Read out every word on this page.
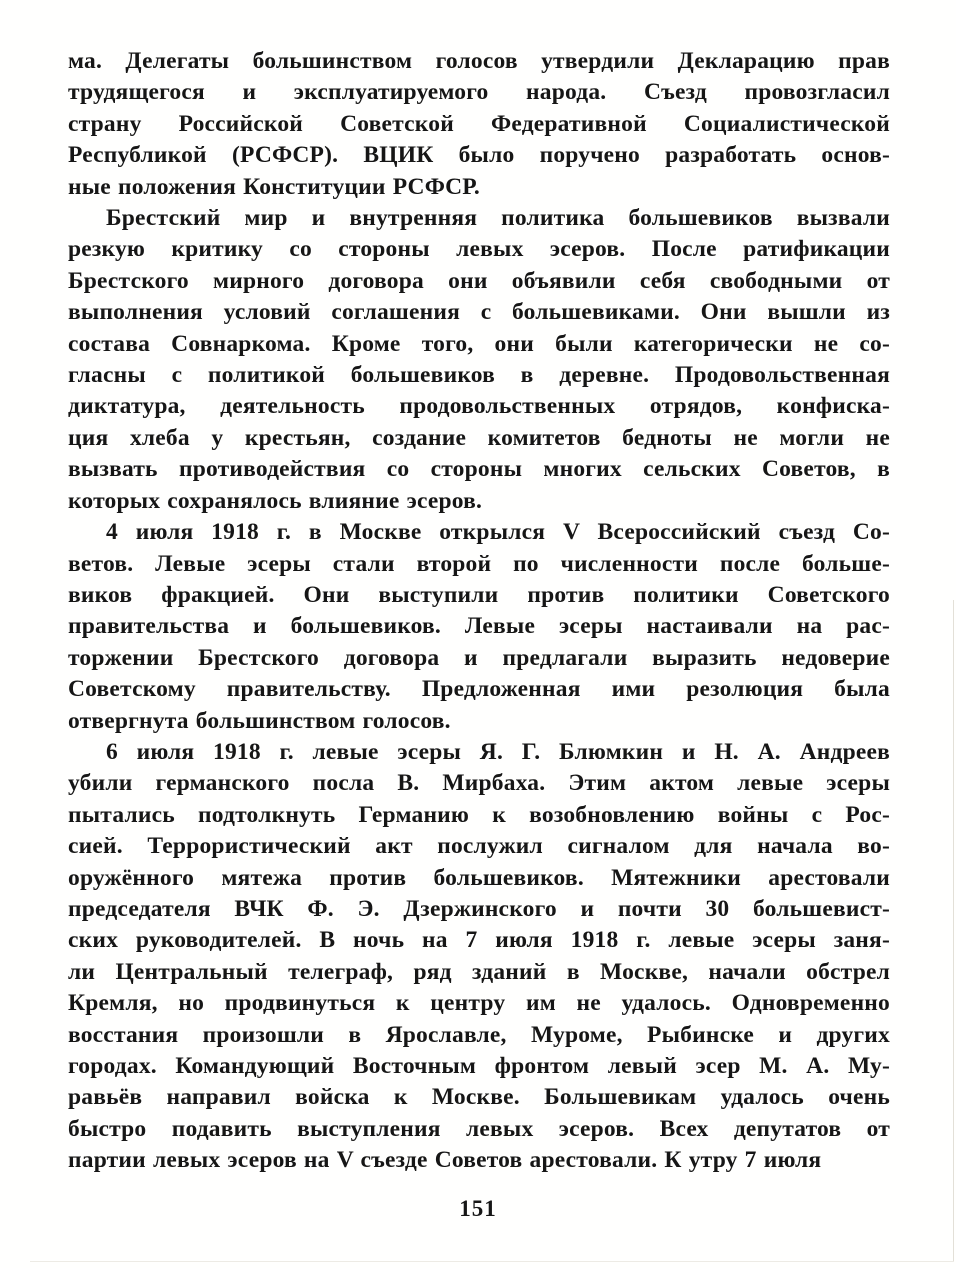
ма. Делегаты большинством голосов утвердили Декларацию прав
трудящегося и эксплуатируемого народа. Съезд провозгласил
страну Российской Советской Федеративной Социалистической
Республикой (РСФСР). ВЦИК было поручено разработать основ-
ные положения Конституции РСФСР.
Брестский мир и внутренняя политика большевиков вызвали
резкую критику со стороны левых эсеров. После ратификации
Брестского мирного договора они объявили себя свободными от
выполнения условий соглашения с большевиками. Они вышли из
состава Совнаркома. Кроме того, они были категорически не со-
гласны с политикой большевиков в деревне. Продовольственная
диктатура, деятельность продовольственных отрядов, конфиска-
ция хлеба у крестьян, создание комитетов бедноты не могли не
вызвать противодействия со стороны многих сельских Советов, в
которых сохранялось влияние эсеров.
4 июля 1918 г. в Москве открылся V Всероссийский съезд Со-
ветов. Левые эсеры стали второй по численности после больше-
виков фракцией. Они выступили против политики Советского
правительства и большевиков. Левые эсеры настаивали на рас-
торжении Брестского договора и предлагали выразить недоверие
Советскому правительству. Предложенная ими резолюция была
отвергнута большинством голосов.
6 июля 1918 г. левые эсеры Я. Г. Блюмкин и Н. А. Андреев
убили германского посла В. Мирбаха. Этим актом левые эсеры
пытались подтолкнуть Германию к возобновлению войны с Рос-
сией. Террористический акт послужил сигналом для начала во-
оружённого мятежа против большевиков. Мятежники арестовали
председателя ВЧК Ф. Э. Дзержинского и почти 30 большевист-
ских руководителей. В ночь на 7 июля 1918 г. левые эсеры заня-
ли Центральный телеграф, ряд зданий в Москве, начали обстрел
Кремля, но продвинуться к центру им не удалось. Одновременно
восстания произошли в Ярославле, Муроме, Рыбинске и других
городах. Командующий Восточным фронтом левый эсер М. А. Му-
равьёв направил войска к Москве. Большевикам удалось очень
быстро подавить выступления левых эсеров. Всех депутатов от
партии левых эсеров на V съезде Советов арестовали. К утру 7 июля
151
